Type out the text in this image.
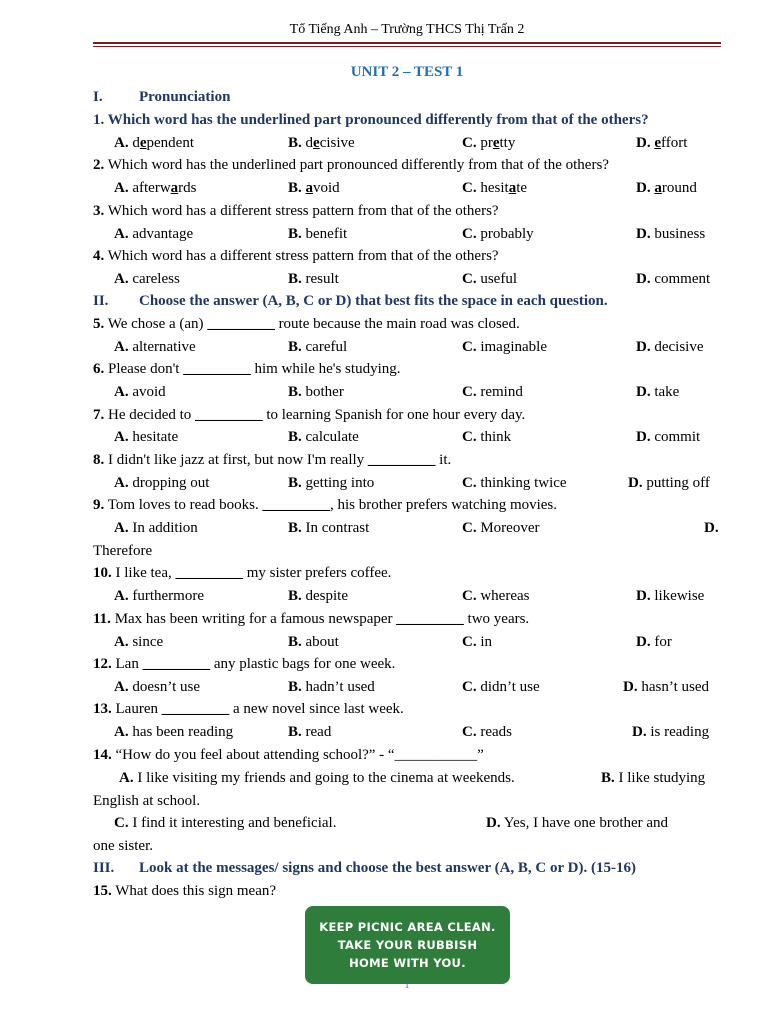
Tổ Tiếng Anh – Trường THCS Thị Trấn 2
UNIT 2 – TEST 1
I. Pronunciation
1. Which word has the underlined part pronounced differently from that of the others?
A. dependent	B. decisive	C. pretty	D. effort
2. Which word has the underlined part pronounced differently from that of the others?
A. afterwards	B. avoid	C. hesitate	D. around
3. Which word has a different stress pattern from that of the others?
A. advantage	B. benefit	C. probably	D. business
4. Which word has a different stress pattern from that of the others?
A. careless	B. result	C. useful	D. comment
II. Choose the answer (A, B, C or D) that best fits the space in each question.
5. We chose a (an) _________ route because the main road was closed.
A. alternative	B. careful	C. imaginable	D. decisive
6. Please don't _________ him while he's studying.
A. avoid	B. bother	C. remind	D. take
7. He decided to _________ to learning Spanish for one hour every day.
A. hesitate	B. calculate	C. think	D. commit
8. I didn't like jazz at first, but now I'm really _________ it.
A. dropping out	B. getting into	C. thinking twice	D. putting off
9. Tom loves to read books. _________, his brother prefers watching movies.
A. In addition	B. In contrast	C. Moreover	D.
Therefore
10. I like tea, _________ my sister prefers coffee.
A. furthermore	B. despite	C. whereas	D. likewise
11. Max has been writing for a famous newspaper _________ two years.
A. since	B. about	C. in	D. for
12. Lan _________ any plastic bags for one week.
A. doesn’t use	B. hadn’t used	C. didn’t use	D. hasn’t used
13. Lauren _________ a new novel since last week.
A. has been reading	B. read	C. reads	D. is reading
14. “How do you feel about attending school?” - “___________”
A. I like visiting my friends and going to the cinema at weekends.	B. I like studying
English at school.
C. I find it interesting and beneficial.	D. Yes, I have one brother and
one sister.
III. Look at the messages/ signs and choose the best answer (A, B, C or D). (15-16)
15. What does this sign mean?
KEEP PICNIC AREA CLEAN.
TAKE YOUR RUBBISH
HOME WITH YOU.
1
